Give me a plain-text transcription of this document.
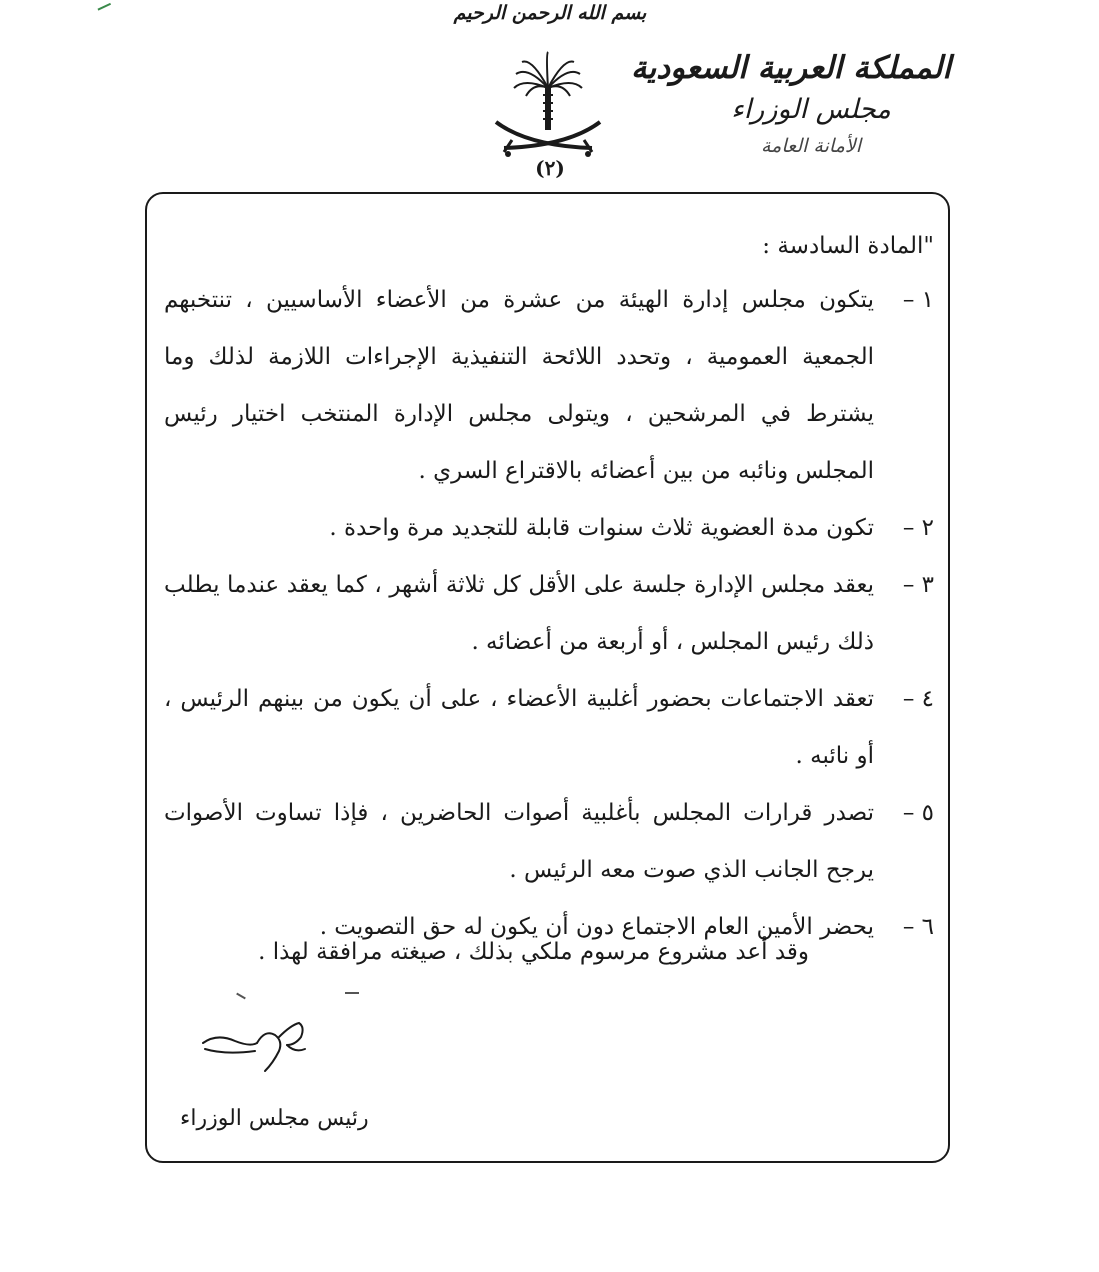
بسم الله الرحمن الرحيم
(٢)
المملكة العربية السعودية
مجلس الوزراء
الأمانة العامة
"المادة السادسة :
١ –
يتكون مجلس إدارة الهيئة من عشرة من الأعضاء الأساسيين ، تنتخبهم الجمعية العمومية ، وتحدد اللائحة التنفيذية الإجراءات اللازمة لذلك وما يشترط في المرشحين ، ويتولى مجلس الإدارة المنتخب اختيار رئيس المجلس ونائبه من بين أعضائه بالاقتراع السري .
٢ –
تكون مدة العضوية ثلاث سنوات قابلة للتجديد مرة واحدة .
٣ –
يعقد مجلس الإدارة جلسة على الأقل كل ثلاثة أشهر ، كما يعقد عندما يطلب ذلك رئيس المجلس ، أو أربعة من أعضائه .
٤ –
تعقد الاجتماعات بحضور أغلبية الأعضاء ، على أن يكون من بينهم الرئيس ، أو نائبه .
٥ –
تصدر قرارات المجلس بأغلبية أصوات الحاضرين ، فإذا تساوت الأصوات يرجح الجانب الذي صوت معه الرئيس .
٦ –
يحضر الأمين العام الاجتماع دون أن يكون له حق التصويت .
وقد أعد مشروع مرسوم ملكي بذلك ، صيغته مرافقة لهذا .
رئيس مجلس الوزراء
